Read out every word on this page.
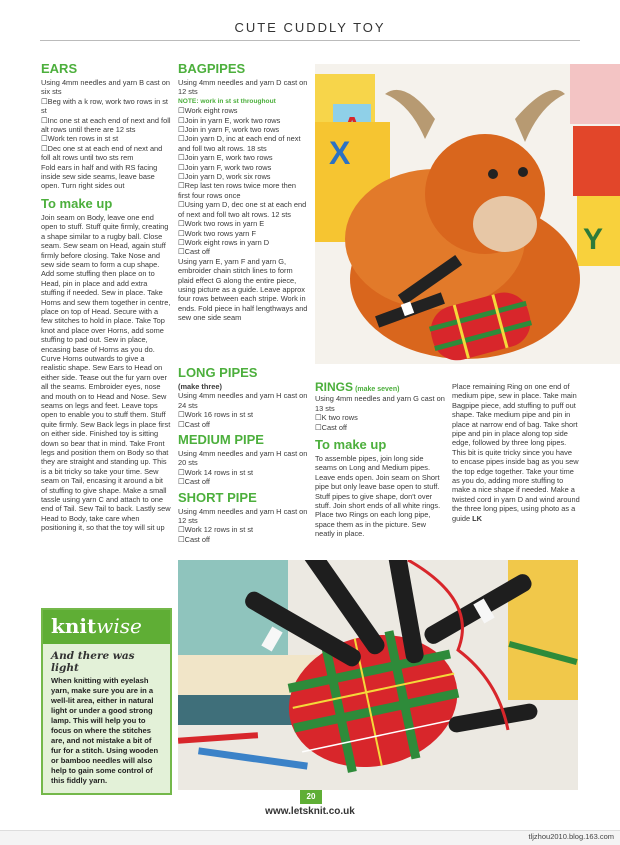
CUTE CUDDLY TOY
EARS

Using 4mm needles and yarn B cast on six sts

☐ Beg with a k row, work two rows in st st

☐ Inc one st at each end of next and foll alt rows until there are 12 sts

☐ Work ten rows in st st

☐ Dec one st at each end of next and foll alt rows until two sts rem

Fold ears in half and with RS facing inside sew side seams, leave base open. Turn right sides out

To make up

Join seam on Body, leave one end open to stuff. Stuff quite firmly, creating a shape similar to a rugby ball. Close seam. Sew seam on Head, again stuff firmly before closing. Take Nose and sew side seam to form a cup shape. Add some stuffing then place on to Head, pin in place and add extra stuffing if needed. Sew in place. Take Horns and sew them together in centre, place on top of Head. Secure with a few stitches to hold in place. Take Top knot and place over Horns, add some stuffing to pad out. Sew in place, encasing base of Horns as you do. Curve Horns outwards to give a realistic shape. Sew Ears to Head on either side. Tease out the fur yarn over all the seams. Embroider eyes, nose and mouth on to Head and Nose. Sew seams on legs and feet. Leave tops open to enable you to stuff them. Stuff quite firmly. Sew Back legs in place first on either side. Finished toy is sitting down so bear that in mind. Take Front legs and position them on Body so that they are straight and standing up. This is a bit tricky so take your time. Sew seam on Tail, encasing it around a bit of stuffing to give shape. Make a small tassle using yarn C and attach to one end of Tail. Sew Tail to back. Lastly sew Head to Body, take care when positioning it, so that the toy will sit up

BAGPIPES

Using 4mm needles and yarn D cast on 12 sts

NOTE: work in st st throughout

☐ Work eight rows

☐ Join in yarn E, work two rows

☐ Join in yarn F, work two rows

☐ Join yarn D, inc at each end of next and foll two alt rows. 18 sts

☐ Join yarn E, work two rows

☐ Join yarn F, work two rows

☐ Join yarn D, work six rows

☐ Rep last ten rows twice more then first four rows once

☐ Using yarn D, dec one st at each end of next and foll two alt rows. 12 sts

☐ Work two rows in yarn E

☐ Work two rows yarn F

☐ Work eight rows in yarn D

☐ Cast off

Using yarn E, yarn F and yarn G, embroider chain stitch lines to form plaid effect G along the entire piece, using picture as a guide. Leave approx four rows between each stripe. Work in ends. Fold piece in half lengthways and sew one side seam

LONG PIPES

(make three)

Using 4mm needles and yarn H cast on 24 sts

☐ Work 16 rows in st st

☐ Cast off

MEDIUM PIPE

Using 4mm needles and yarn H cast on 20 sts

☐ Work 14 rows in st st

☐ Cast off

SHORT PIPE

Using 4mm needles and yarn H cast on 12 sts

☐ Work 12 rows in st st

☐ Cast off

RINGS (make seven)

Using 4mm needles and yarn G cast on 13 sts

☐ K two rows

☐ Cast off

To make up

To assemble pipes, join long side seams on Long and Medium pipes. Leave ends open. Join seam on Short pipe but only leave base open to stuff. Stuff pipes to give shape, don't over stuff. Join short ends of all white rings. Place two Rings on each long pipe, space them as in the picture. Sew neatly in place.

Place remaining Ring on one end of medium pipe, sew in place. Take main Bagpipe piece, add stuffing to puff out shape. Take medium pipe and pin in place at narrow end of bag. Take short pipe and pin in place along top side edge, followed by three long pipes. This bit is quite tricky since you have to encase pipes inside bag as you sew the top edge together. Take your time as you do, adding more stuffing to make a nice shape if needed. Make a twisted cord in yarn D and wind around the three long pipes, using photo as a guide LK

X
Y
knitwise
And there was light
When knitting with eyelash yarn, make sure you are in a well-lit area, either in natural light or under a good strong lamp. This will help you to focus on where the stitches are, and not mistake a bit of fur for a stitch. Using wooden or bamboo needles will also help to gain some control of this fiddly yarn.
20
www.letsknit.co.uk
tljzhou2010.blog.163.com
